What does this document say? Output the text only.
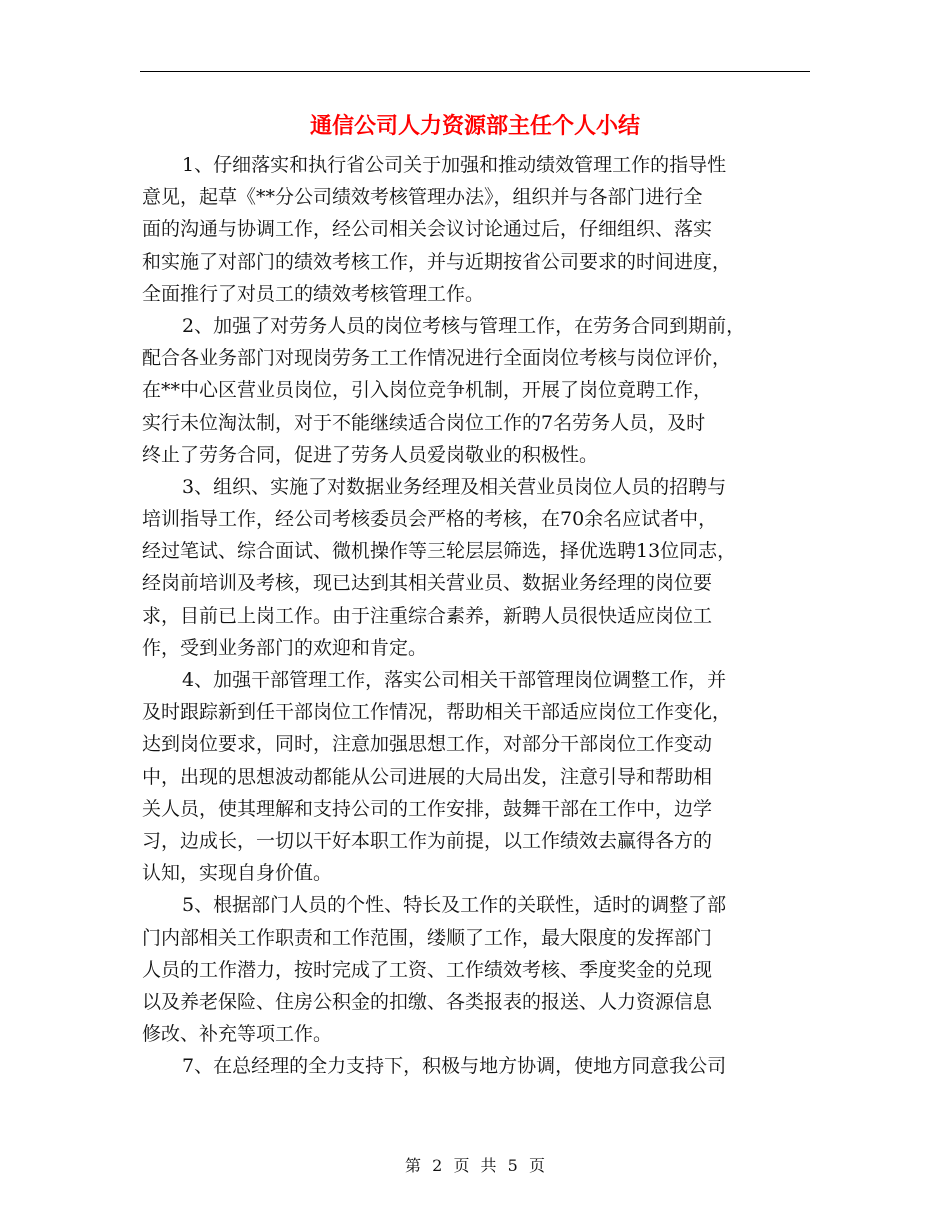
通信公司人力资源部主任个人小结
1、仔细落实和执行省公司关于加强和推动绩效管理工作的指导性
意见，起草《**分公司绩效考核管理办法》，组织并与各部门进行全
面的沟通与协调工作，经公司相关会议讨论通过后，仔细组织、落实
和实施了对部门的绩效考核工作，并与近期按省公司要求的时间进度，
全面推行了对员工的绩效考核管理工作。
2、加强了对劳务人员的岗位考核与管理工作，在劳务合同到期前，
配合各业务部门对现岗劳务工工作情况进行全面岗位考核与岗位评价，
在**中心区营业员岗位，引入岗位竞争机制，开展了岗位竟聘工作，
实行未位淘汰制，对于不能继续适合岗位工作的7名劳务人员，及时
终止了劳务合同，促进了劳务人员爱岗敬业的积极性。
3、组织、实施了对数据业务经理及相关营业员岗位人员的招聘与
培训指导工作，经公司考核委员会严格的考核，在70余名应试者中，
经过笔试、综合面试、微机操作等三轮层层筛选，择优选聘13位同志，
经岗前培训及考核，现已达到其相关营业员、数据业务经理的岗位要
求，目前已上岗工作。由于注重综合素养，新聘人员很快适应岗位工
作，受到业务部门的欢迎和肯定。
4、加强干部管理工作，落实公司相关干部管理岗位调整工作，并
及时跟踪新到任干部岗位工作情况，帮助相关干部适应岗位工作变化，
达到岗位要求，同时，注意加强思想工作，对部分干部岗位工作变动
中，出现的思想波动都能从公司进展的大局出发，注意引导和帮助相
关人员，使其理解和支持公司的工作安排，鼓舞干部在工作中，边学
习，边成长，一切以干好本职工作为前提，以工作绩效去赢得各方的
认知，实现自身价值。
5、根据部门人员的个性、特长及工作的关联性，适时的调整了部
门内部相关工作职责和工作范围，缕顺了工作，最大限度的发挥部门
人员的工作潜力，按时完成了工资、工作绩效考核、季度奖金的兑现
以及养老保险、住房公积金的扣缴、各类报表的报送、人力资源信息
修改、补充等项工作。
7、在总经理的全力支持下，积极与地方协调，使地方同意我公司
第 2 页 共 5 页
